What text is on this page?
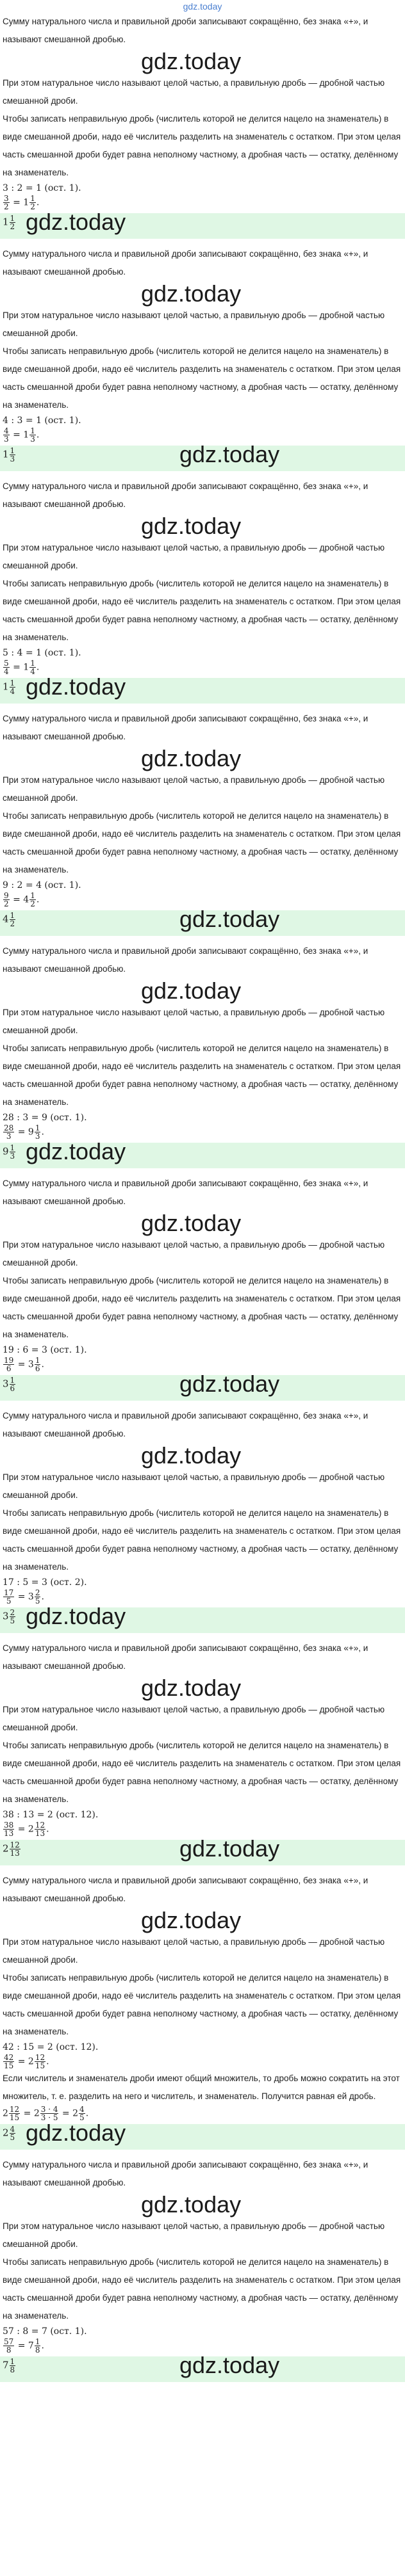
gdz.today

Сумму натурального числа и правильной дроби записывают сокращённо, без знака «+», и называют смешанной дробью.

gdz.today

При этом натуральное число называют целой частью, а правильную дробь — дробной частью смешанной дроби.

Чтобы записать неправильную дробь (числитель которой не делится нацело на знаменатель) в виде смешанной дроби, надо её числитель разделить на знаменатель с остатком. При этом целая часть смешанной дроби будет равна неполному частному, а дробная часть — остатку, делённому на знаменатель.

3 : 2 = 1 (ост. 1).

$\frac{3}{2} = 1 \frac{1}{2}$ .

$1 \frac{1}{2}$ gdz.today

Сумму натурального числа и правильной дроби записывают сокращённо, без знака «+», и называют смешанной дробью.

gdz.today

При этом натуральное число называют целой частью, а правильную дробь — дробной частью смешанной дроби.

Чтобы записать неправильную дробь (числитель которой не делится нацело на знаменатель) в виде смешанной дроби, надо её числитель разделить на знаменатель с остатком. При этом целая часть смешанной дроби будет равна неполному частному, а дробная часть — остатку, делённому на знаменатель.

4 : 3 = 1 (ост. 1).

$\frac{4}{3} = 1 \frac{1}{3}$ .

$1 \frac{1}{3}$	gdz.today

Сумму натурального числа и правильной дроби записывают сокращённо, без знака «+», и называют смешанной дробью.

gdz.today

При этом натуральное число называют целой частью, а правильную дробь — дробной частью смешанной дроби.

Чтобы записать неправильную дробь (числитель которой не делится нацело на знаменатель) в виде смешанной дроби, надо её числитель разделить на знаменатель с остатком. При этом целая часть смешанной дроби будет равна неполному частному, а дробная часть — остатку, делённому на знаменатель.

5 : 4 = 1 (ост. 1).

$\frac{5}{4} = 1 \frac{1}{4}$ .

$1 \frac{1}{4}$ gdz.today

Сумму натурального числа и правильной дроби записывают сокращённо, без знака «+», и называют смешанной дробью.

gdz.today

При этом натуральное число называют целой частью, а правильную дробь — дробной частью смешанной дроби.

Чтобы записать неправильную дробь (числитель которой не делится нацело на знаменатель) в виде смешанной дроби, надо её числитель разделить на знаменатель с остатком. При этом целая часть смешанной дроби будет равна неполному частному, а дробная часть — остатку, делённому на знаменатель.

9 : 2 = 4 (ост. 1).

$\frac{9}{2} = 4 \frac{1}{2}$ .

$4 \frac{1}{2}$	gdz.today

Сумму натурального числа и правильной дроби записывают сокращённо, без знака «+», и называют смешанной дробью.

gdz.today

При этом натуральное число называют целой частью, а правильную дробь — дробной частью смешанной дроби.

Чтобы записать неправильную дробь (числитель которой не делится нацело на знаменатель) в виде смешанной дроби, надо её числитель разделить на знаменатель с остатком. При этом целая часть смешанной дроби будет равна неполному частному, а дробная часть — остатку, делённому на знаменатель.

28 : 3 = 9 (ост. 1).

$\frac{28}{3} = 9 \frac{1}{3}$ .

$9 \frac{1}{3}$ gdz.today

Сумму натурального числа и правильной дроби записывают сокращённо, без знака «+», и называют смешанной дробью.

gdz.today

При этом натуральное число называют целой частью, а правильную дробь — дробной частью смешанной дроби.

Чтобы записать неправильную дробь (числитель которой не делится нацело на знаменатель) в виде смешанной дроби, надо её числитель разделить на знаменатель с остатком. При этом целая часть смешанной дроби будет равна неполному частному, а дробная часть — остатку, делённому на знаменатель.

19 : 6 = 3 (ост. 1).

$\frac{19}{6} = 3 \frac{1}{6}$ .

$3 \frac{1}{6}$	gdz.today

Сумму натурального числа и правильной дроби записывают сокращённо, без знака «+», и называют смешанной дробью.

gdz.today

При этом натуральное число называют целой частью, а правильную дробь — дробной частью смешанной дроби.

Чтобы записать неправильную дробь (числитель которой не делится нацело на знаменатель) в виде смешанной дроби, надо её числитель разделить на знаменатель с остатком. При этом целая часть смешанной дроби будет равна неполному частному, а дробная часть — остатку, делённому на знаменатель.

17 : 5 = 3 (ост. 2).

$\frac{17}{5} = 3 \frac{2}{5}$ .

$3 \frac{2}{5}$ gdz.today

Сумму натурального числа и правильной дроби записывают сокращённо, без знака «+», и называют смешанной дробью.

gdz.today

При этом натуральное число называют целой частью, а правильную дробь — дробной частью смешанной дроби.

Чтобы записать неправильную дробь (числитель которой не делится нацело на знаменатель) в виде смешанной дроби, надо её числитель разделить на знаменатель с остатком. При этом целая часть смешанной дроби будет равна неполному частному, а дробная часть — остатку, делённому на знаменатель.

38 : 13 = 2 (ост. 12).

$\frac{38}{13} = 2 \frac{12}{13}$ .

$2 \frac{12}{13}$	gdz.today

Сумму натурального числа и правильной дроби записывают сокращённо, без знака «+», и называют смешанной дробью.

gdz.today

При этом натуральное число называют целой частью, а правильную дробь — дробной частью смешанной дроби.

Чтобы записать неправильную дробь (числитель которой не делится нацело на знаменатель) в виде смешанной дроби, надо её числитель разделить на знаменатель с остатком. При этом целая часть смешанной дроби будет равна неполному частному, а дробная часть — остатку, делённому на знаменатель.

42 : 15 = 2 (ост. 12).

$\frac{42}{15} = 2 \frac{12}{15}$ .

Если числитель и знаменатель дроби имеют общий множитель, то дробь можно сократить на этот множитель, т. е. разделить на него и числитель, и знаменатель. Получится равная ей дробь.

$2 \frac{12}{15} = 2 \frac{3 \cdot 4}{3 \cdot 5} = 2 \frac{4}{5}$ .

$2 \frac{4}{5}$ gdz.today

Сумму натурального числа и правильной дроби записывают сокращённо, без знака «+», и называют смешанной дробью.

gdz.today

При этом натуральное число называют целой частью, а правильную дробь — дробной частью смешанной дроби.

Чтобы записать неправильную дробь (числитель которой не делится нацело на знаменатель) в виде смешанной дроби, надо её числитель разделить на знаменатель с остатком. При этом целая часть смешанной дроби будет равна неполному частному, а дробная часть — остатку, делённому на знаменатель.

57 : 8 = 7 (ост. 1).

$\frac{57}{8} = 7 \frac{1}{8}$ .

$7 \frac{1}{8}$	gdz.today
